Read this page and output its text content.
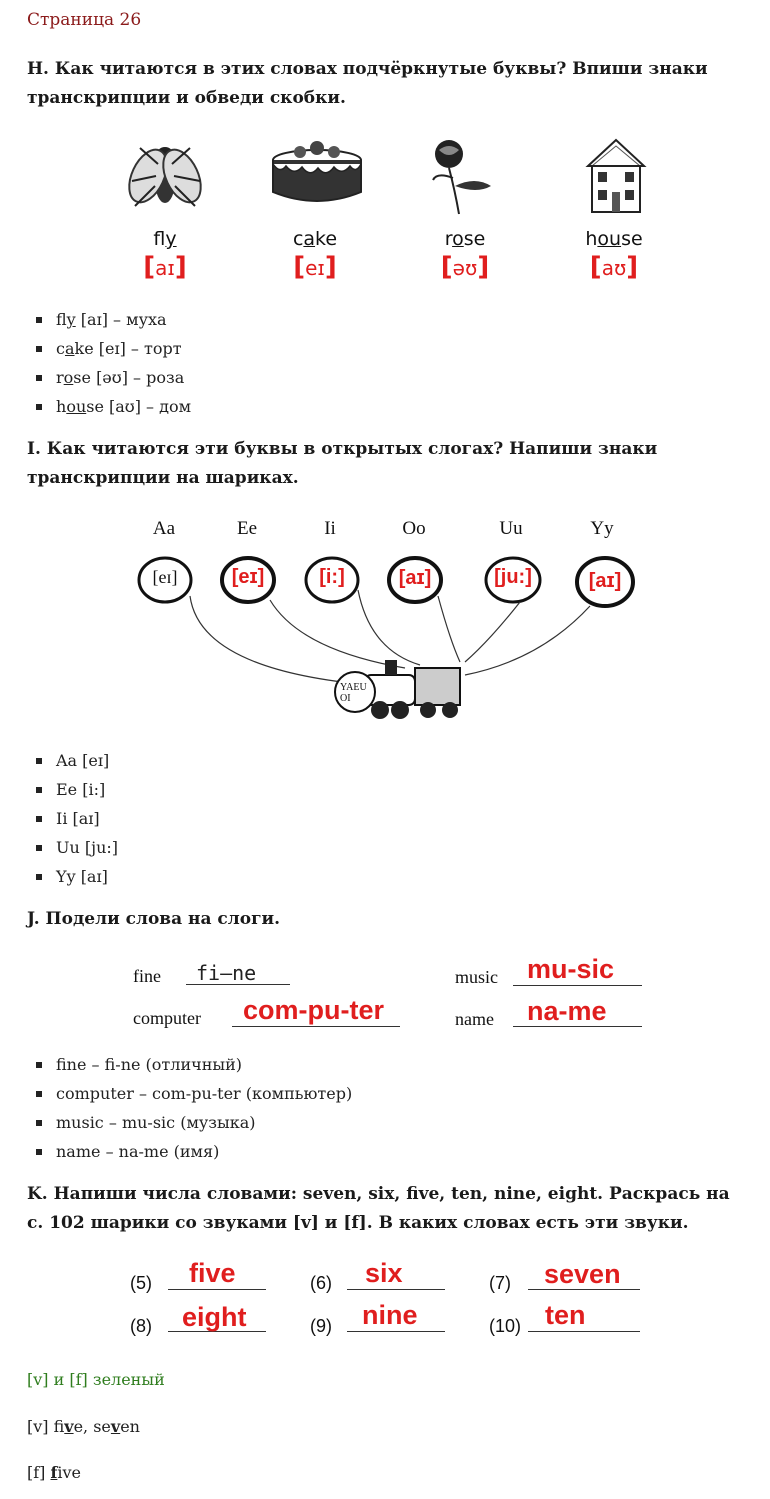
Страница 26
H. Как читаются в этих словах подчёркнутые буквы? Впиши знаки транскрипции и обведи скобки.
fly	cake	rose	house
[aɪ]	[eɪ]	[əʊ]	[aʊ]
fly [aɪ] – муха
cake [eɪ] – торт
rose [əʊ] – роза
house [aʊ] – дом
I. Как читаются эти буквы в открытых слогах? Напиши знаки транскрипции на шариках.
Aa	Ee	Ii	Oo	Uu	Yy
YAEUOI
[eɪ]	[eɪ]	[i:]	[aɪ]	[ju:]	[aɪ]
Aa [eɪ]
Ee [i:]
Ii [aɪ]
Uu [ju:]
Yy [aɪ]
J. Подели слова на слоги.
fine fi–ne	music mu-sic
computer com-pu-ter	name na-me
fine – fi-ne (отличный)
computer – com-pu-ter (компьютер)
music – mu-sic (музыка)
name – na-me (имя)
K. Напиши числа словами: seven, six, five, ten, nine, eight. Раскрась на с. 102 шарики со звуками [v] и [f]. В каких словах есть эти звуки.
(5) five	(6) six	(7) seven
(8) eight	(9) nine	(10) ten
[v] и [f] зеленый
[v] five, seven
[f] five
